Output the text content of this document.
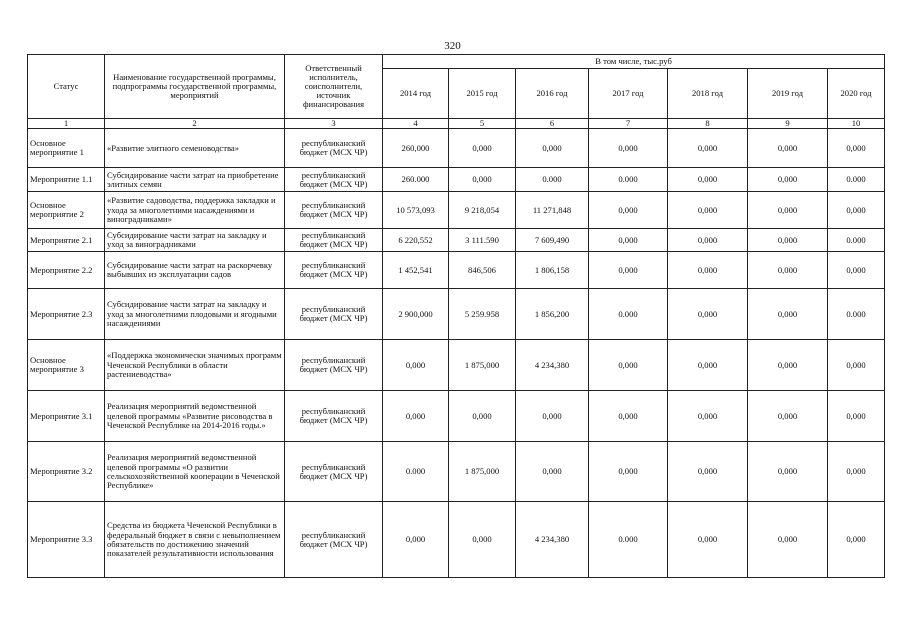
320
Статус	Наименование государственной программы, подпрограммы государственной программы, мероприятий	Ответственный исполнитель, соисполнители, источник финансирования	В том числе, тыс.руб						
			2014 год	2015 год	2016 год	2017 год	2018 год	2019 год	2020 год
1	2	3	4	5	6	7	8	9	10
Основное мероприятие 1	«Развитие элитного семеноводства»	республиканский бюджет (МСХ ЧР)	260,000	0,000	0,000	0,000	0,000	0,000	0,000
Мероприятие 1.1	Субсидирование части затрат на приобретение элитных семян	республиканский бюджет (МСХ ЧР)	260.000	0,000	0.000	0.000	0,000	0,000	0.000
Основное мероприятие 2	«Развитие садоводства, поддержка закладки и ухода за многолетними насаждениями и виноградниками»	республиканский бюджет (МСХ ЧР)	10 573,093	9 218,054	11 271,848	0,000	0,000	0,000	0,000
Мероприятие 2.1	Субсидирование части затрат на закладку и уход за виноградниками	республиканский бюджет (МСХ ЧР)	6 220,552	3 111.590	7 609,490	0,000	0,000	0,000	0.000
Мероприятие 2.2	Субсидирование части затрат на раскорчевку выбывших из эксплуатации садов	республиканский бюджет (МСХ ЧР)	1 452,541	846,506	1 806,158	0,000	0,000	0,000	0,000
Мероприятие 2.3	Субсидирование части затрат на закладку и уход за многолетними плодовыми и ягодными насаждениями	республиканский бюджет (МСХ ЧР)	2 900,000	5 259.958	1 856,200	0.000	0,000	0,000	0.000
Основное мероприятие 3	«Поддержка экономически значимых программ Чеченской Республики в области растениеводства»	республиканский бюджет (МСХ ЧР)	0,000	1 875,000	4 234,380	0,000	0,000	0,000	0,000
Мероприятие 3.1	Реализация мероприятий ведомственной целевой программы «Развитие рисоводства в Чеченской Республике на 2014-2016 годы.»	республиканский бюджет (МСХ ЧР)	0,000	0,000	0,000	0,000	0,000	0,000	0,000
Мероприятие 3.2	Реализация мероприятий ведомственной целевой программы «О развитии сельскохозяйственной кооперации в Чеченской Республике»	республиканский бюджет (МСХ ЧР)	0.000	1 875,000	0,000	0,000	0,000	0,000	0,000
Мероприятие 3.3	Средства из бюджета Чеченской Республики в федеральный бюджет в связи с невыполнением обязательств по достижению значений показателей результативности использования	республиканский бюджет (МСХ ЧР)	0,000	0,000	4 234,380	0.000	0,000	0,000	0,000
